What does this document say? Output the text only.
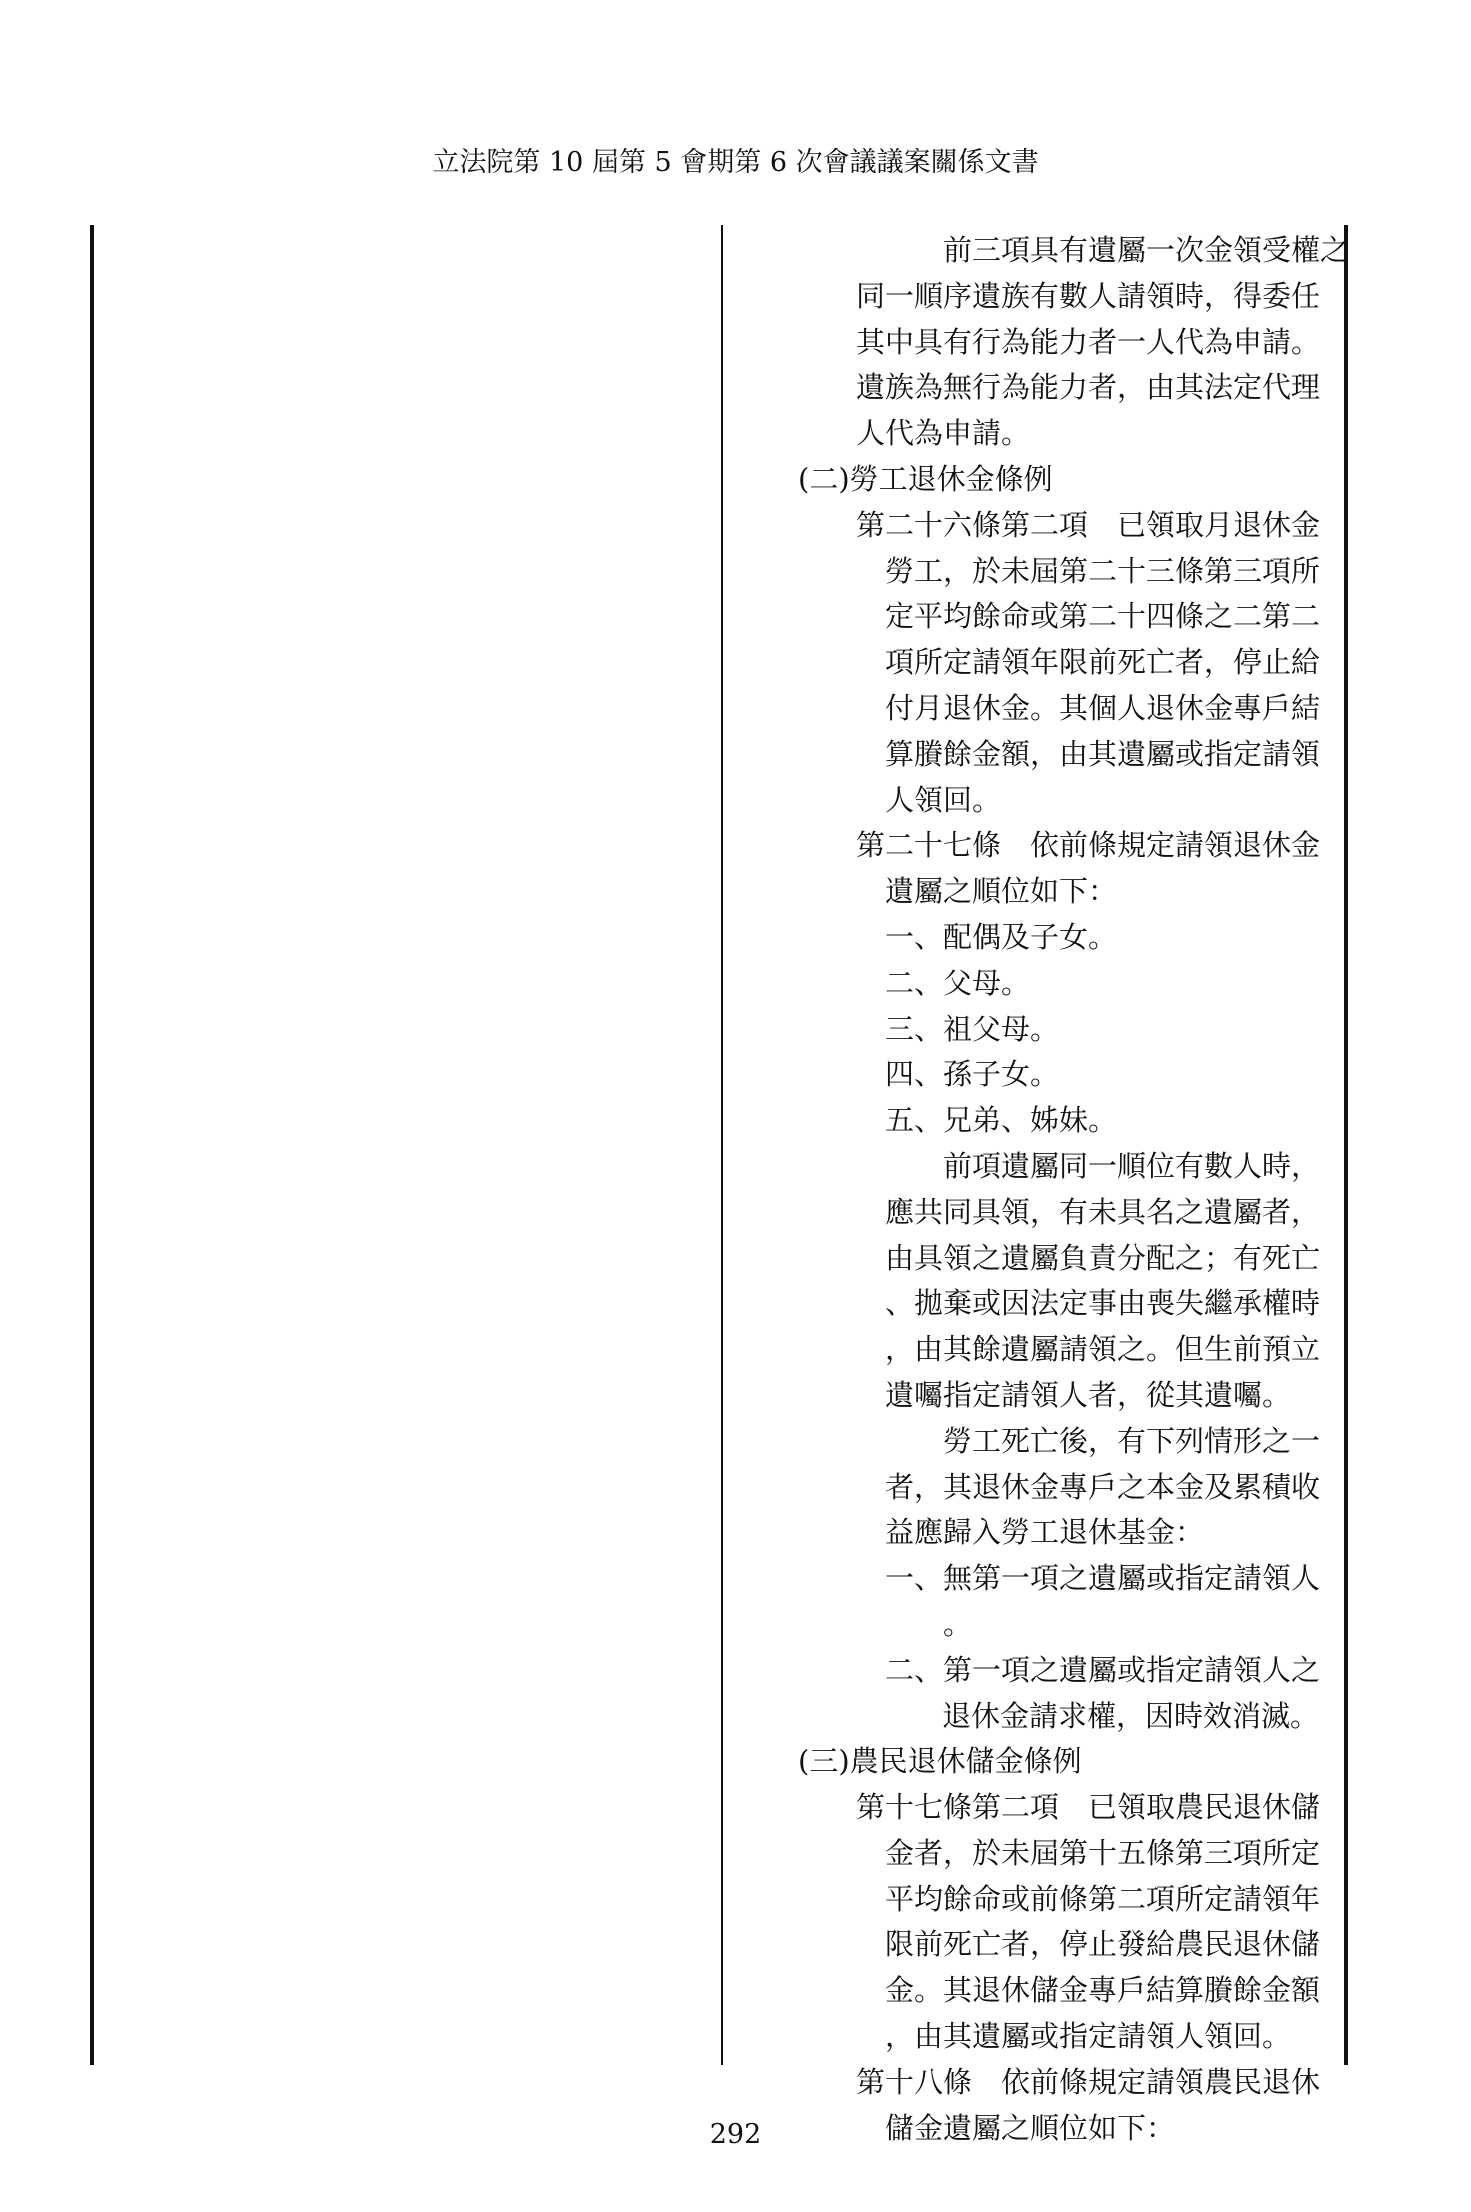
立法院第 10 屆第 5 會期第 6 次會議議案關係文書
前三項具有遺屬一次金領受權之
同一順序遺族有數人請領時，得委任
其中具有行為能力者一人代為申請。
遺族為無行為能力者，由其法定代理
人代為申請。
(二)勞工退休金條例
第二十六條第二項　已領取月退休金
勞工，於未屆第二十三條第三項所
定平均餘命或第二十四條之二第二
項所定請領年限前死亡者，停止給
付月退休金。其個人退休金專戶結
算賸餘金額，由其遺屬或指定請領
人領回。
第二十七條　依前條規定請領退休金
遺屬之順位如下：
一、配偶及子女。
二、父母。
三、祖父母。
四、孫子女。
五、兄弟、姊妹。
前項遺屬同一順位有數人時，
應共同具領，有未具名之遺屬者，
由具領之遺屬負責分配之；有死亡
、拋棄或因法定事由喪失繼承權時
，由其餘遺屬請領之。但生前預立
遺囑指定請領人者，從其遺囑。
勞工死亡後，有下列情形之一
者，其退休金專戶之本金及累積收
益應歸入勞工退休基金：
一、無第一項之遺屬或指定請領人
。
二、第一項之遺屬或指定請領人之
　退休金請求權，因時效消滅。
(三)農民退休儲金條例
第十七條第二項　已領取農民退休儲
金者，於未屆第十五條第三項所定
平均餘命或前條第二項所定請領年
限前死亡者，停止發給農民退休儲
金。其退休儲金專戶結算賸餘金額
，由其遺屬或指定請領人領回。
第十八條　依前條規定請領農民退休
儲金遺屬之順位如下：
292
